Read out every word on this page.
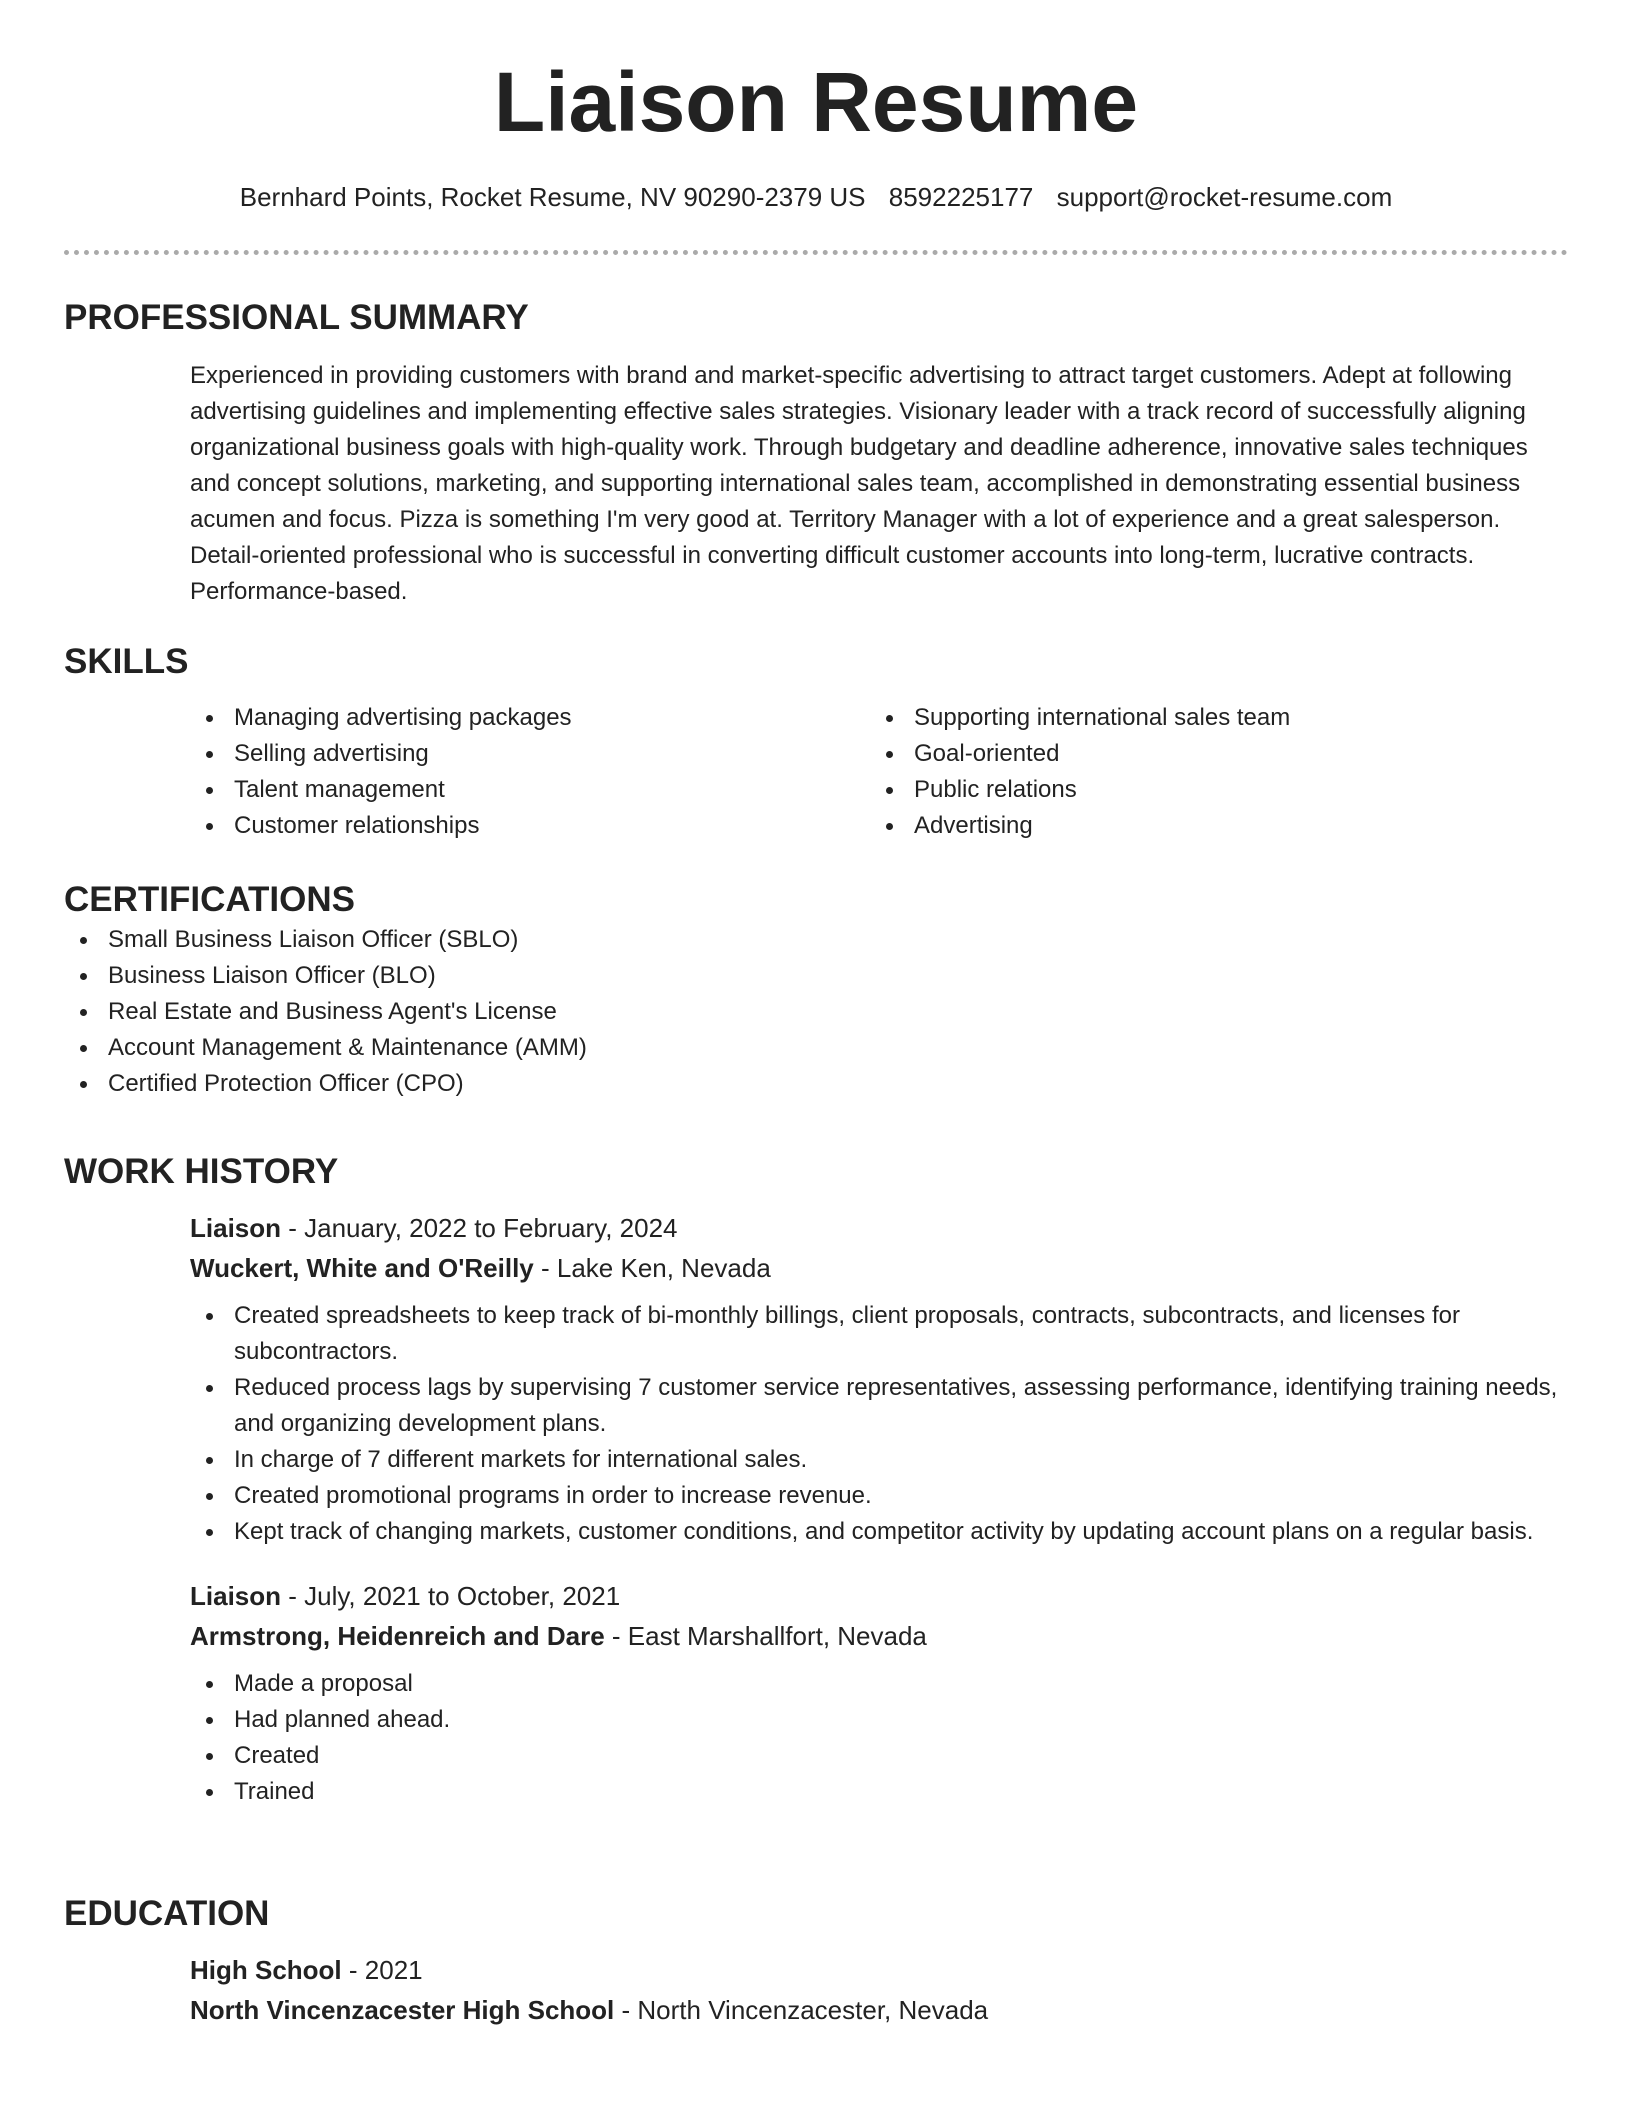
Liaison Resume
Bernhard Points, Rocket Resume, NV 90290-2379 US 8592225177 support@rocket-resume.com
PROFESSIONAL SUMMARY
Experienced in providing customers with brand and market-specific advertising to attract target customers. Adept at following advertising guidelines and implementing effective sales strategies. Visionary leader with a track record of successfully aligning organizational business goals with high-quality work. Through budgetary and deadline adherence, innovative sales techniques and concept solutions, marketing, and supporting international sales team, accomplished in demonstrating essential business acumen and focus. Pizza is something I'm very good at. Territory Manager with a lot of experience and a great salesperson. Detail-oriented professional who is successful in converting difficult customer accounts into long-term, lucrative contracts. Performance-based.
SKILLS
Managing advertising packages
Selling advertising
Talent management
Customer relationships
Supporting international sales team
Goal-oriented
Public relations
Advertising
CERTIFICATIONS
Small Business Liaison Officer (SBLO)
Business Liaison Officer (BLO)
Real Estate and Business Agent's License
Account Management & Maintenance (AMM)
Certified Protection Officer (CPO)
WORK HISTORY
Liaison - January, 2022 to February, 2024
Wuckert, White and O'Reilly - Lake Ken, Nevada
Created spreadsheets to keep track of bi-monthly billings, client proposals, contracts, subcontracts, and licenses for subcontractors.
Reduced process lags by supervising 7 customer service representatives, assessing performance, identifying training needs, and organizing development plans.
In charge of 7 different markets for international sales.
Created promotional programs in order to increase revenue.
Kept track of changing markets, customer conditions, and competitor activity by updating account plans on a regular basis.
Liaison - July, 2021 to October, 2021
Armstrong, Heidenreich and Dare - East Marshallfort, Nevada
Made a proposal
Had planned ahead.
Created
Trained
EDUCATION
High School - 2021
North Vincenzacester High School - North Vincenzacester, Nevada
